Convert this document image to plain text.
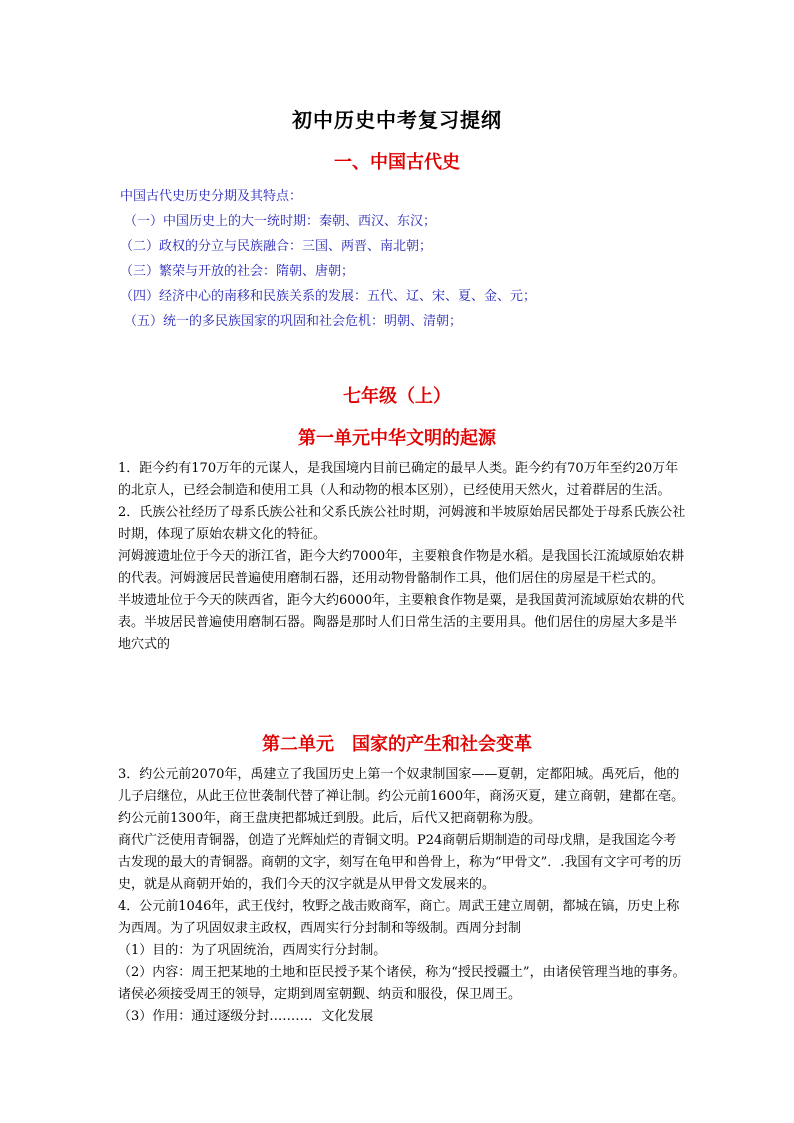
初中历史中考复习提纲
一、中国古代史
中国古代史历史分期及其特点：
（一）中国历史上的大一统时期：秦朝、西汉、东汉；
（二）政权的分立与民族融合：三国、两晋、南北朝；
（三）繁荣与开放的社会：隋朝、唐朝；
（四）经济中心的南移和民族关系的发展：五代、辽、宋、夏、金、元；
（五）统一的多民族国家的巩固和社会危机：明朝、清朝；
七年级（上）
第一单元中华文明的起源
1．距今约有170万年的元谋人，是我国境内目前已确定的最早人类。距今约有70万年至约20万年的北京人，已经会制造和使用工具（人和动物的根本区别），已经使用天然火，过着群居的生活。
2．氏族公社经历了母系氏族公社和父系氏族公社时期，河姆渡和半坡原始居民都处于母系氏族公社时期，体现了原始农耕文化的特征。
河姆渡遗址位于今天的浙江省，距今大约7000年，主要粮食作物是水稻。是我国长江流域原始农耕的代表。河姆渡居民普遍使用磨制石器，还用动物骨骼制作工具，他们居住的房屋是干栏式的。
半坡遗址位于今天的陕西省，距今大约6000年，主要粮食作物是粟，是我国黄河流域原始农耕的代表。半坡居民普遍使用磨制石器。陶器是那时人们日常生活的主要用具。他们居住的房屋大多是半地穴式的
第二单元　国家的产生和社会变革
3．约公元前2070年，禹建立了我国历史上第一个奴隶制国家——夏朝，定都阳城。禹死后，他的儿子启继位，从此王位世袭制代替了禅让制。约公元前1600年，商汤灭夏，建立商朝，建都在亳。约公元前1300年，商王盘庚把都城迁到殷。此后，后代又把商朝称为殷。
商代广泛使用青铜器，创造了光辉灿烂的青铜文明。P24商朝后期制造的司母戊鼎，是我国迄今考古发现的最大的青铜器。商朝的文字，刻写在龟甲和兽骨上，称为“甲骨文”．.我国有文字可考的历史，就是从商朝开始的，我们今天的汉字就是从甲骨文发展来的。
4．公元前1046年，武王伐纣，牧野之战击败商军，商亡。周武王建立周朝，都城在镐，历史上称为西周。为了巩固奴隶主政权，西周实行分封制和等级制。西周分封制
（1）目的：为了巩固统治，西周实行分封制。
（2）内容：周王把某地的土地和臣民授予某个诸侯，称为“授民授疆土”，由诸侯管理当地的事务。诸侯必须接受周王的领导，定期到周室朝觐、纳贡和服役，保卫周王。
（3）作用：通过逐级分封………．文化发展
